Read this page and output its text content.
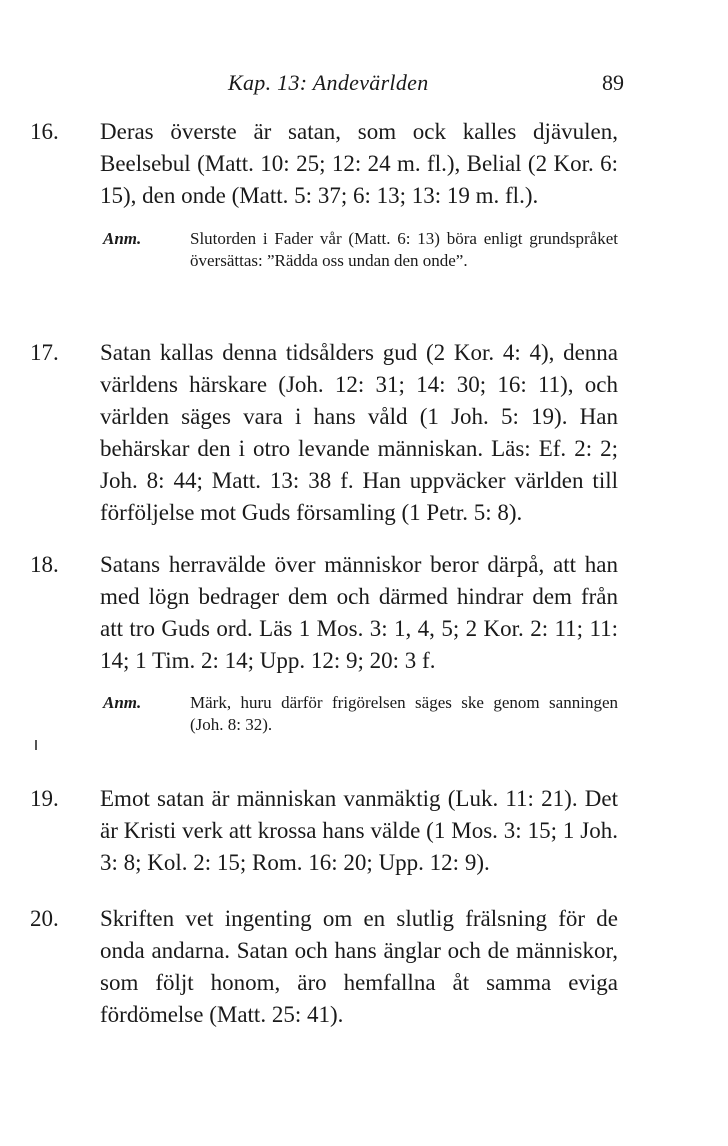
Kap. 13: Andevärlden	89
16. Deras överste är satan, som ock kalles djävulen, Beelsebul (Matt. 10: 25; 12: 24 m. fl.), Belial (2 Kor. 6: 15), den onde (Matt. 5: 37; 6: 13; 13: 19 m. fl.).

Anm.	Slutorden i Fader vår (Matt. 6: 13) böra enligt grundspråket översättas: ”Rädda oss undan den onde”.

17. Satan kallas denna tidsålders gud (2 Kor. 4: 4), denna världens härskare (Joh. 12: 31; 14: 30; 16: 11), och världen säges vara i hans våld (1 Joh. 5: 19). Han behärskar den i otro levande människan. Läs: Ef. 2: 2; Joh. 8: 44; Matt. 13: 38 f. Han uppväcker världen till förföljelse mot Guds församling (1 Petr. 5: 8).

18. Satans herravälde över människor beror därpå, att han med lögn bedrager dem och därmed hindrar dem från att tro Guds ord. Läs 1 Mos. 3: 1, 4, 5; 2 Kor. 2: 11; 11: 14; 1 Tim. 2: 14; Upp. 12: 9; 20: 3 f.

Anm.	Märk, huru därför frigörelsen säges ske genom sanningen (Joh. 8: 32).

19. Emot satan är människan vanmäktig (Luk. 11: 21). Det är Kristi verk att krossa hans välde (1 Mos. 3: 15; 1 Joh. 3: 8; Kol. 2: 15; Rom. 16: 20; Upp. 12: 9).

20. Skriften vet ingenting om en slutlig frälsning för de onda andarna. Satan och hans änglar och de människor, som följt honom, äro hemfallna åt samma eviga fördömelse (Matt. 25: 41).
